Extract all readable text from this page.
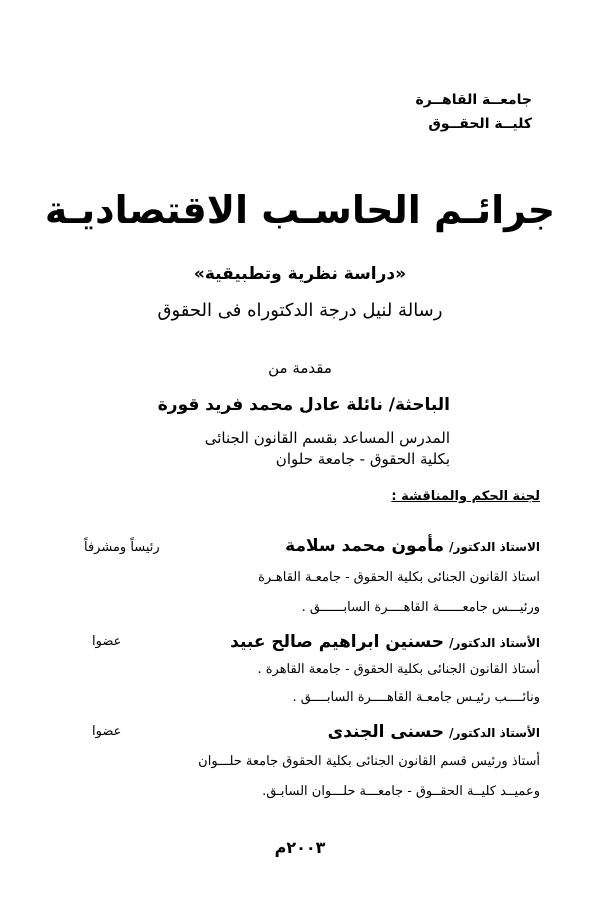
جامعــة القاهــرة
كليــة الحقــوق
جرائـم الحاسـب الاقتصاديـة
«دراسة نظرية وتطبيقية»
رسالة لنيل درجة الدكتوراه فى الحقوق
مقدمة من
الباحثة/ نائلة عادل محمد فريد قورة
المدرس المساعد بقسم القانون الجنائى
بكلية الحقوق - جامعة حلوان
لجنة الحكم والمناقشة :
الاستاذ الدكتور/ مأمون محمد سلامة
رئيساً ومشرفاً
استاذ القانون الجنائى بكلية الحقوق - جامعـة القاهـرة
ورئيـــس جامعــــــة القاهــــرة السابــــــق .
الأستاذ الدكتور/ حسنين ابراهيم صالح عبيد
عضوا
أستاذ القانون الجنائى بكلية الحقوق - جامعة القاهرة .
ونائــــب رئيـس جامعـة القاهــــرة السابــــق .
الأستاذ الدكتور/ حسنى الجندى
عضوا
أستاذ ورئيس قسم القانون الجنائى بكلية الحقوق جامعة حلـــوان
وعميــد كليــة الحقــوق - جامعـــة حلـــوان السابـق.
٢٠٠٣م
